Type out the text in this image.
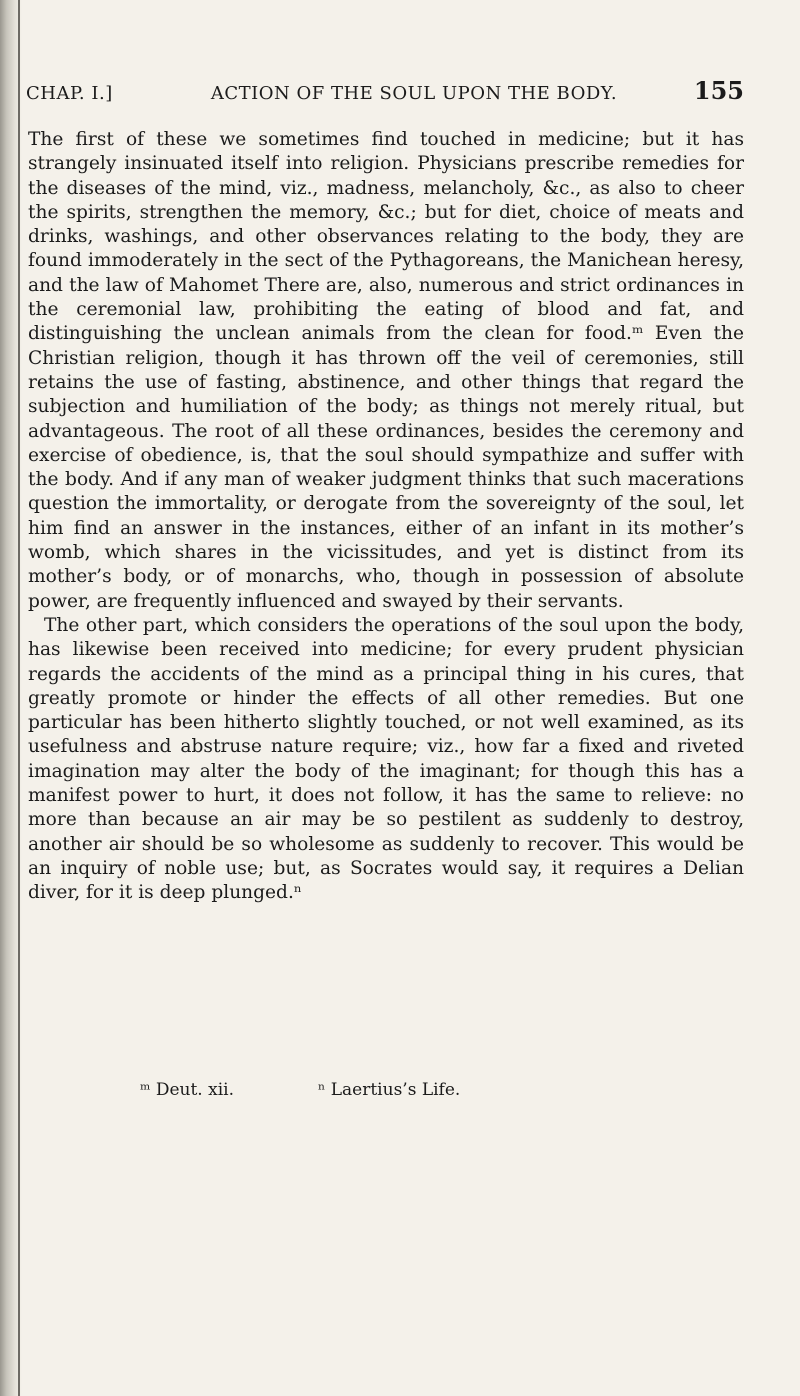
CHAP. I.]	ACTION OF THE SOUL UPON THE BODY.	155

The first of these we sometimes find touched in medicine; but it has strangely insinuated itself into religion. Physicians prescribe remedies for the diseases of the mind, viz., madness, melancholy, &c., as also to cheer the spirits, strengthen the memory, &c.; but for diet, choice of meats and drinks, washings, and other observances relating to the body, they are found immoderately in the sect of the Pythagoreans, the Manichean heresy, and the law of Mahomet There are, also, numerous and strict ordinances in the ceremonial law, prohibiting the eating of blood and fat, and distinguishing the unclean animals from the clean for food.ᵐ Even the Christian religion, though it has thrown off the veil of ceremonies, still retains the use of fasting, abstinence, and other things that regard the subjection and humiliation of the body; as things not merely ritual, but advantageous. The root of all these ordinances, besides the ceremony and exercise of obedience, is, that the soul should sympathize and suffer with the body. And if any man of weaker judgment thinks that such macerations question the immortality, or derogate from the sovereignty of the soul, let him find an answer in the instances, either of an infant in its mother’s womb, which shares in the vicissitudes, and yet is distinct from its mother’s body, or of monarchs, who, though in possession of absolute power, are frequently influenced and swayed by their servants.

The other part, which considers the operations of the soul upon the body, has likewise been received into medicine; for every prudent physician regards the accidents of the mind as a principal thing in his cures, that greatly promote or hinder the effects of all other remedies. But one particular has been hitherto slightly touched, or not well examined, as its usefulness and abstruse nature require; viz., how far a fixed and riveted imagination may alter the body of the imaginant; for though this has a manifest power to hurt, it does not follow, it has the same to relieve: no more than because an air may be so pestilent as suddenly to destroy, another air should be so wholesome as suddenly to recover. This would be an inquiry of noble use; but, as Socrates would say, it requires a Delian diver, for it is deep plunged.ⁿ

ᵐ Deut. xii.	ⁿ Laertius’s Life.
